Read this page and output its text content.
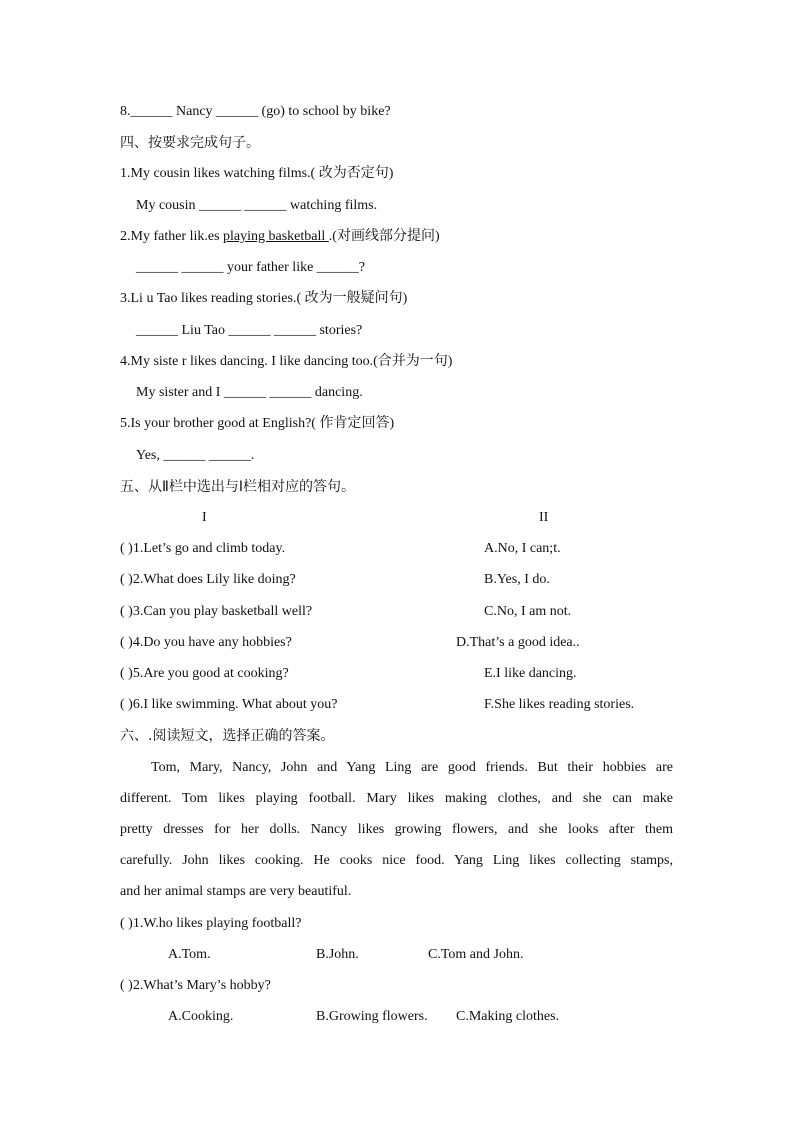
8.______ Nancy ______ (go) to school by bike?
四、按要求完成句子。
1.My cousin likes watching films.( 改为否定句)
My cousin ______ ______ watching films.
2.My father lik.es playing basketball .(对画线部分提问)
______ ______ your father like ______?
3.Li u Tao likes reading stories.( 改为一般疑问句)
______ Liu Tao ______ ______ stories?
4.My siste r likes dancing. I like dancing too.(合并为一句)
My sister and I ______ ______ dancing.
5.Is your brother good at English?( 作肯定回答)
Yes, ______ ______.
五、从Ⅱ栏中选出与Ⅰ栏相对应的答句。
I	II
( )1.Let’s go and climb today.	A.No, I can;t.
( )2.What does Lily like doing?	B.Yes, I do.
( )3.Can you play basketball well?	C.No, I am not.
( )4.Do you have any hobbies?	D.That’s a good idea..
( )5.Are you good at cooking?	E.I like dancing.
( )6.I like swimming. What about you?	F.She likes reading stories.
六、.阅读短文，选择正确的答案。
Tom, Mary, Nancy, John and Yang Ling are good friends. But their hobbies are
different. Tom likes playing football. Mary likes making clothes, and she can make
pretty dresses for her dolls. Nancy likes growing flowers, and she looks after them
carefully. John likes cooking. He cooks nice food. Yang Ling likes collecting stamps,
and her animal stamps are very beautiful.
( )1.W.ho likes playing football?
A.Tom.	B.John.	C.Tom and John.
( )2.What’s Mary’s hobby?
A.Cooking.	B.Growing flowers. C.Making clothes.
